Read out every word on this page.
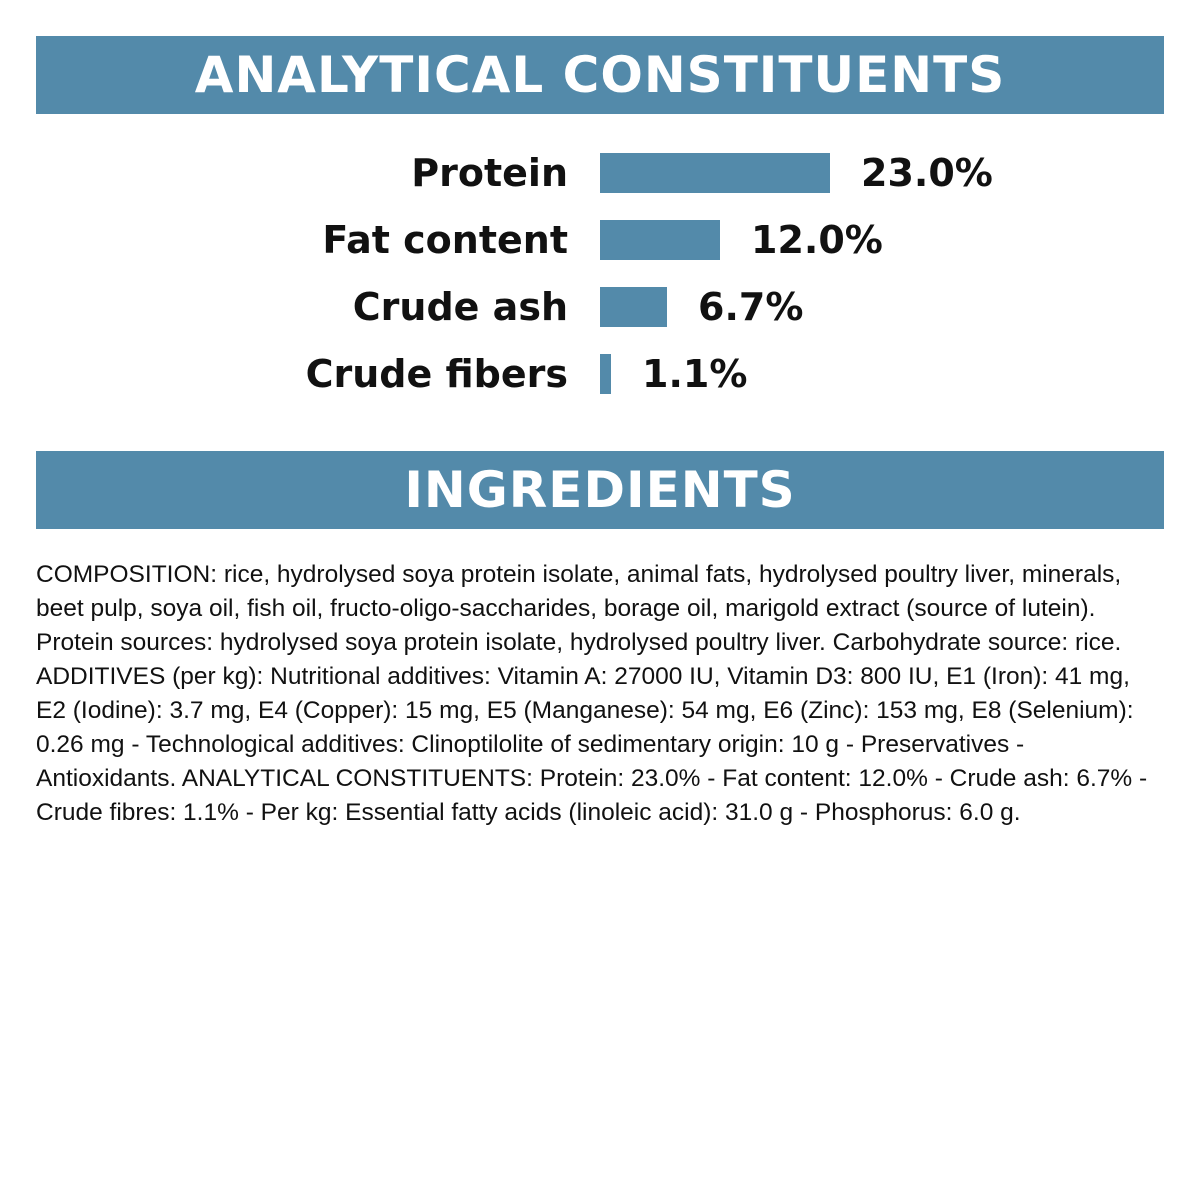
ANALYTICAL CONSTITUENTS
Protein	23.0%
Fat content	12.0%
Crude ash	6.7%
Crude fibers 1.1%
INGREDIENTS

COMPOSITION: rice, hydrolysed soya protein isolate, animal fats, hydrolysed poultry liver, minerals, beet pulp, soya oil, fish oil, fructo-oligo-saccharides, borage oil, marigold extract (source of lutein). Protein sources: hydrolysed soya protein isolate, hydrolysed poultry liver. Carbohydrate source: rice. ADDITIVES (per kg): Nutritional additives: Vitamin A: 27000 IU, Vitamin D3: 800 IU, E1 (Iron): 41 mg, E2 (Iodine): 3.7 mg, E4 (Copper): 15 mg, E5 (Manganese): 54 mg, E6 (Zinc): 153 mg, E8 (Selenium): 0.26 mg - Technological additives: Clinoptilolite of sedimentary origin: 10 g - Preservatives - Antioxidants. ANALYTICAL CONSTITUENTS: Protein: 23.0% - Fat content: 12.0% - Crude ash: 6.7% - Crude fibres: 1.1% - Per kg: Essential fatty acids (linoleic acid): 31.0 g - Phosphorus: 6.0 g.
